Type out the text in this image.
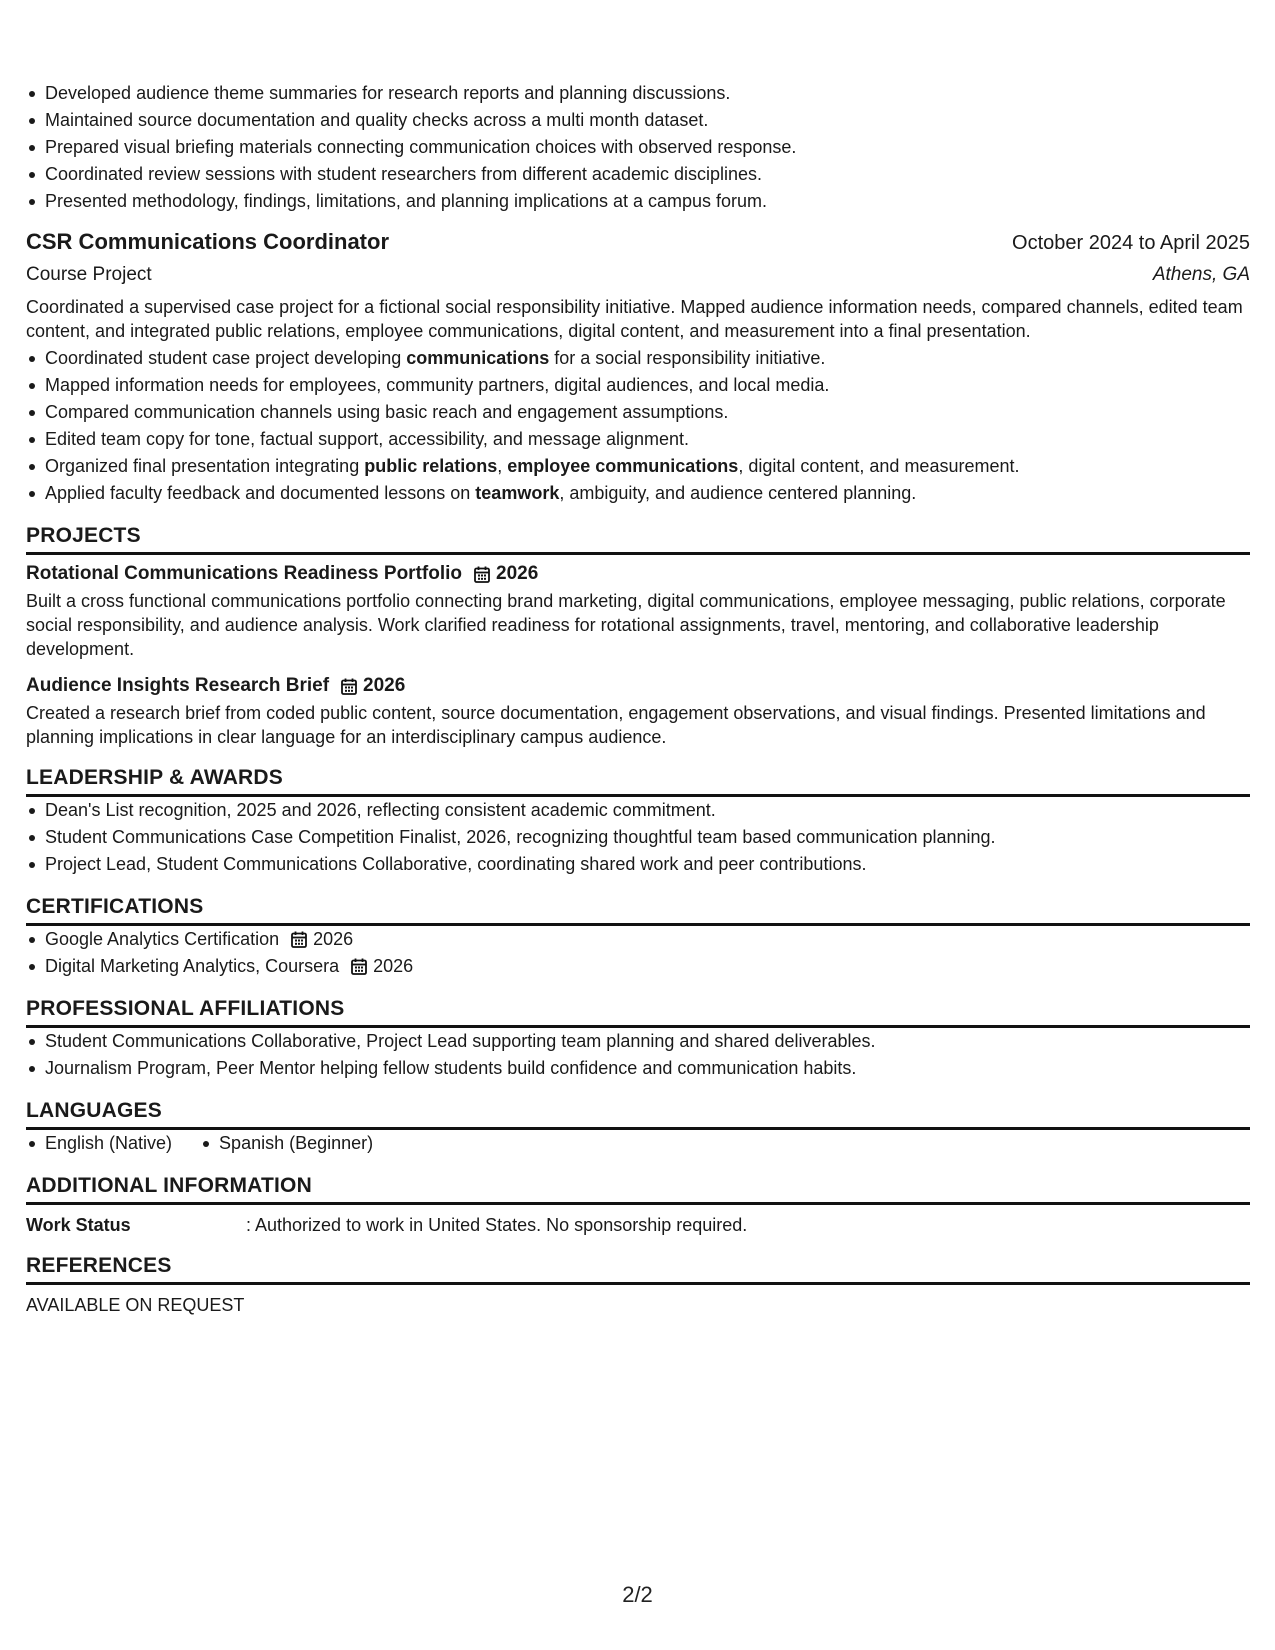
Developed audience theme summaries for research reports and planning discussions.
Maintained source documentation and quality checks across a multi month dataset.
Prepared visual briefing materials connecting communication choices with observed response.
Coordinated review sessions with student researchers from different academic disciplines.
Presented methodology, findings, limitations, and planning implications at a campus forum.
CSR Communications Coordinator	October 2024 to April 2025
Course Project	Athens, GA
Coordinated a supervised case project for a fictional social responsibility initiative. Mapped audience information needs, compared channels, edited team content, and integrated public relations, employee communications, digital content, and measurement into a final presentation.
Coordinated student case project developing communications for a social responsibility initiative.
Mapped information needs for employees, community partners, digital audiences, and local media.
Compared communication channels using basic reach and engagement assumptions.
Edited team copy for tone, factual support, accessibility, and message alignment.
Organized final presentation integrating public relations, employee communications, digital content, and measurement.
Applied faculty feedback and documented lessons on teamwork, ambiguity, and audience centered planning.
PROJECTS
Rotational Communications Readiness Portfolio 2026
Built a cross functional communications portfolio connecting brand marketing, digital communications, employee messaging, public relations, corporate social responsibility, and audience analysis. Work clarified readiness for rotational assignments, travel, mentoring, and collaborative leadership development.
Audience Insights Research Brief 2026
Created a research brief from coded public content, source documentation, engagement observations, and visual findings. Presented limitations and planning implications in clear language for an interdisciplinary campus audience.
LEADERSHIP & AWARDS
Dean's List recognition, 2025 and 2026, reflecting consistent academic commitment.
Student Communications Case Competition Finalist, 2026, recognizing thoughtful team based communication planning.
Project Lead, Student Communications Collaborative, coordinating shared work and peer contributions.
CERTIFICATIONS
Google Analytics Certification 2026
Digital Marketing Analytics, Coursera 2026
PROFESSIONAL AFFILIATIONS
Student Communications Collaborative, Project Lead supporting team planning and shared deliverables.
Journalism Program, Peer Mentor helping fellow students build confidence and communication habits.
LANGUAGES
English (Native)	Spanish (Beginner)
ADDITIONAL INFORMATION
Work Status	: Authorized to work in United States. No sponsorship required.
REFERENCES
AVAILABLE ON REQUEST
2/2
